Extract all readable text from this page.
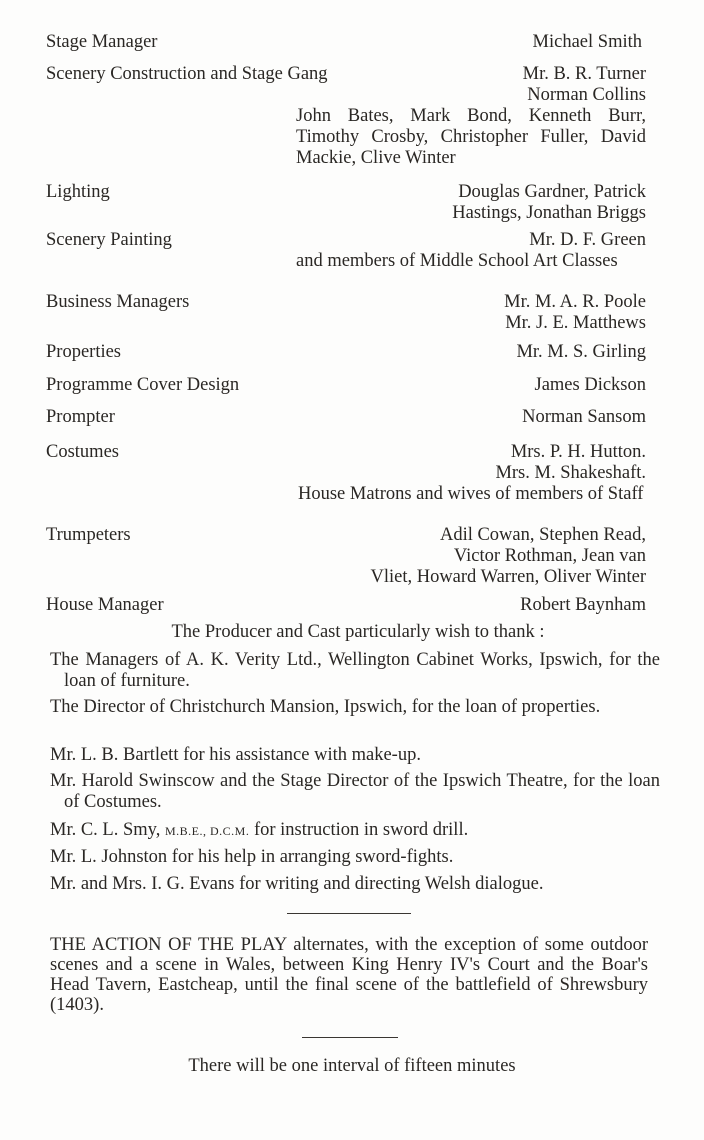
Stage Manager	Michael Smith
Scenery Construction and Stage Gang	Mr. B. R. Turner
Norman Collins
John Bates, Mark Bond, Kenneth Burr, Timothy Crosby, Christopher Fuller, David Mackie, Clive Winter
Lighting	Douglas Gardner, Patrick
Hastings, Jonathan Briggs
Scenery Painting	Mr. D. F. Green
and members of Middle School Art Classes
Business Managers	Mr. M. A. R. Poole
Mr. J. E. Matthews
Properties	Mr. M. S. Girling
Programme Cover Design	James Dickson
Prompter	Norman Sansom
Costumes	Mrs. P. H. Hutton.
Mrs. M. Shakeshaft.
House Matrons and wives of members of Staff
Trumpeters	Adil Cowan, Stephen Read,
Victor Rothman, Jean van
Vliet, Howard Warren, Oliver Winter
House Manager	Robert Baynham
The Producer and Cast particularly wish to thank :
The Managers of A. K. Verity Ltd., Wellington Cabinet Works, Ipswich, for the loan of furniture.
The Director of Christchurch Mansion, Ipswich, for the loan of properties.
Mr. L. B. Bartlett for his assistance with make-up.
Mr. Harold Swinscow and the Stage Director of the Ipswich Theatre, for the loan of Costumes.
Mr. C. L. Smy, M.B.E., D.C.M. for instruction in sword drill.
Mr. L. Johnston for his help in arranging sword-fights.
Mr. and Mrs. I. G. Evans for writing and directing Welsh dialogue.
THE ACTION OF THE PLAY alternates, with the exception of some outdoor scenes and a scene in Wales, between King Henry IV's Court and the Boar's Head Tavern, Eastcheap, until the final scene of the battlefield of Shrewsbury (1403).
There will be one interval of fifteen minutes
